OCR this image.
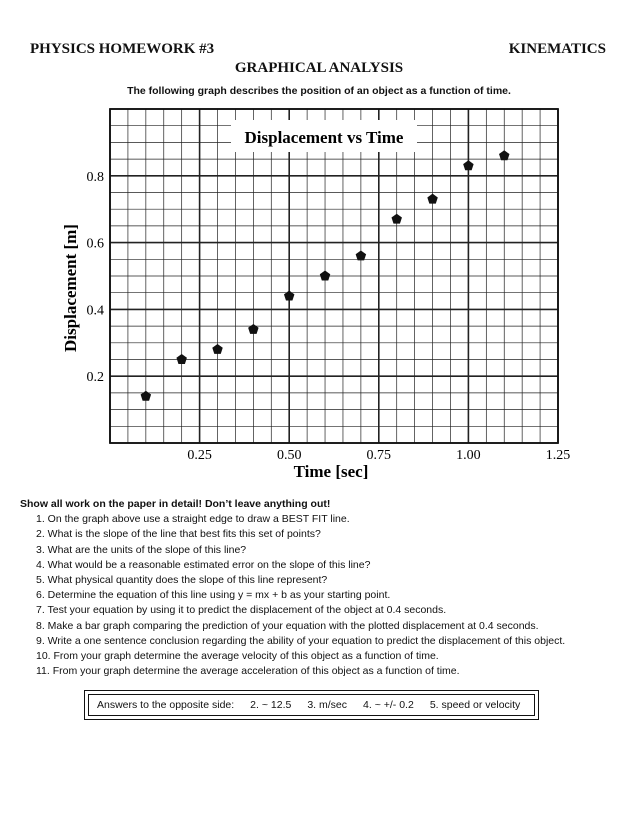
PHYSICS HOMEWORK #3	KINEMATICS
GRAPHICAL ANALYSIS
The following graph describes the position of an object as a function of time.
0.25	0.50	0.75	1.00	1.25
0.2
0.4
0.6
0.8
Displacement vs Time
Time [sec]
Displacement [m]
Show all work on the paper in detail! Don’t leave anything out!
1. On the graph above use a straight edge to draw a BEST FIT line.
2. What is the slope of the line that best fits this set of points?
3. What are the units of the slope of this line?
4. What would be a reasonable estimated error on the slope of this line?
5. What physical quantity does the slope of this line represent?
6. Determine the equation of this line using y = mx + b as your starting point.
7. Test your equation by using it to predict the displacement of the object at 0.4 seconds.
8. Make a bar graph comparing the prediction of your equation with the plotted displacement at 0.4 seconds.
9. Write a one sentence conclusion regarding the ability of your equation to predict the displacement of this object.
10. From your graph determine the average velocity of this object as a function of time.
11. From your graph determine the average acceleration of this object as a function of time.
Answers to the opposite side: 2. ~ 12.5 3. m/sec 4. ~ +/- 0.2 5. speed or velocity
